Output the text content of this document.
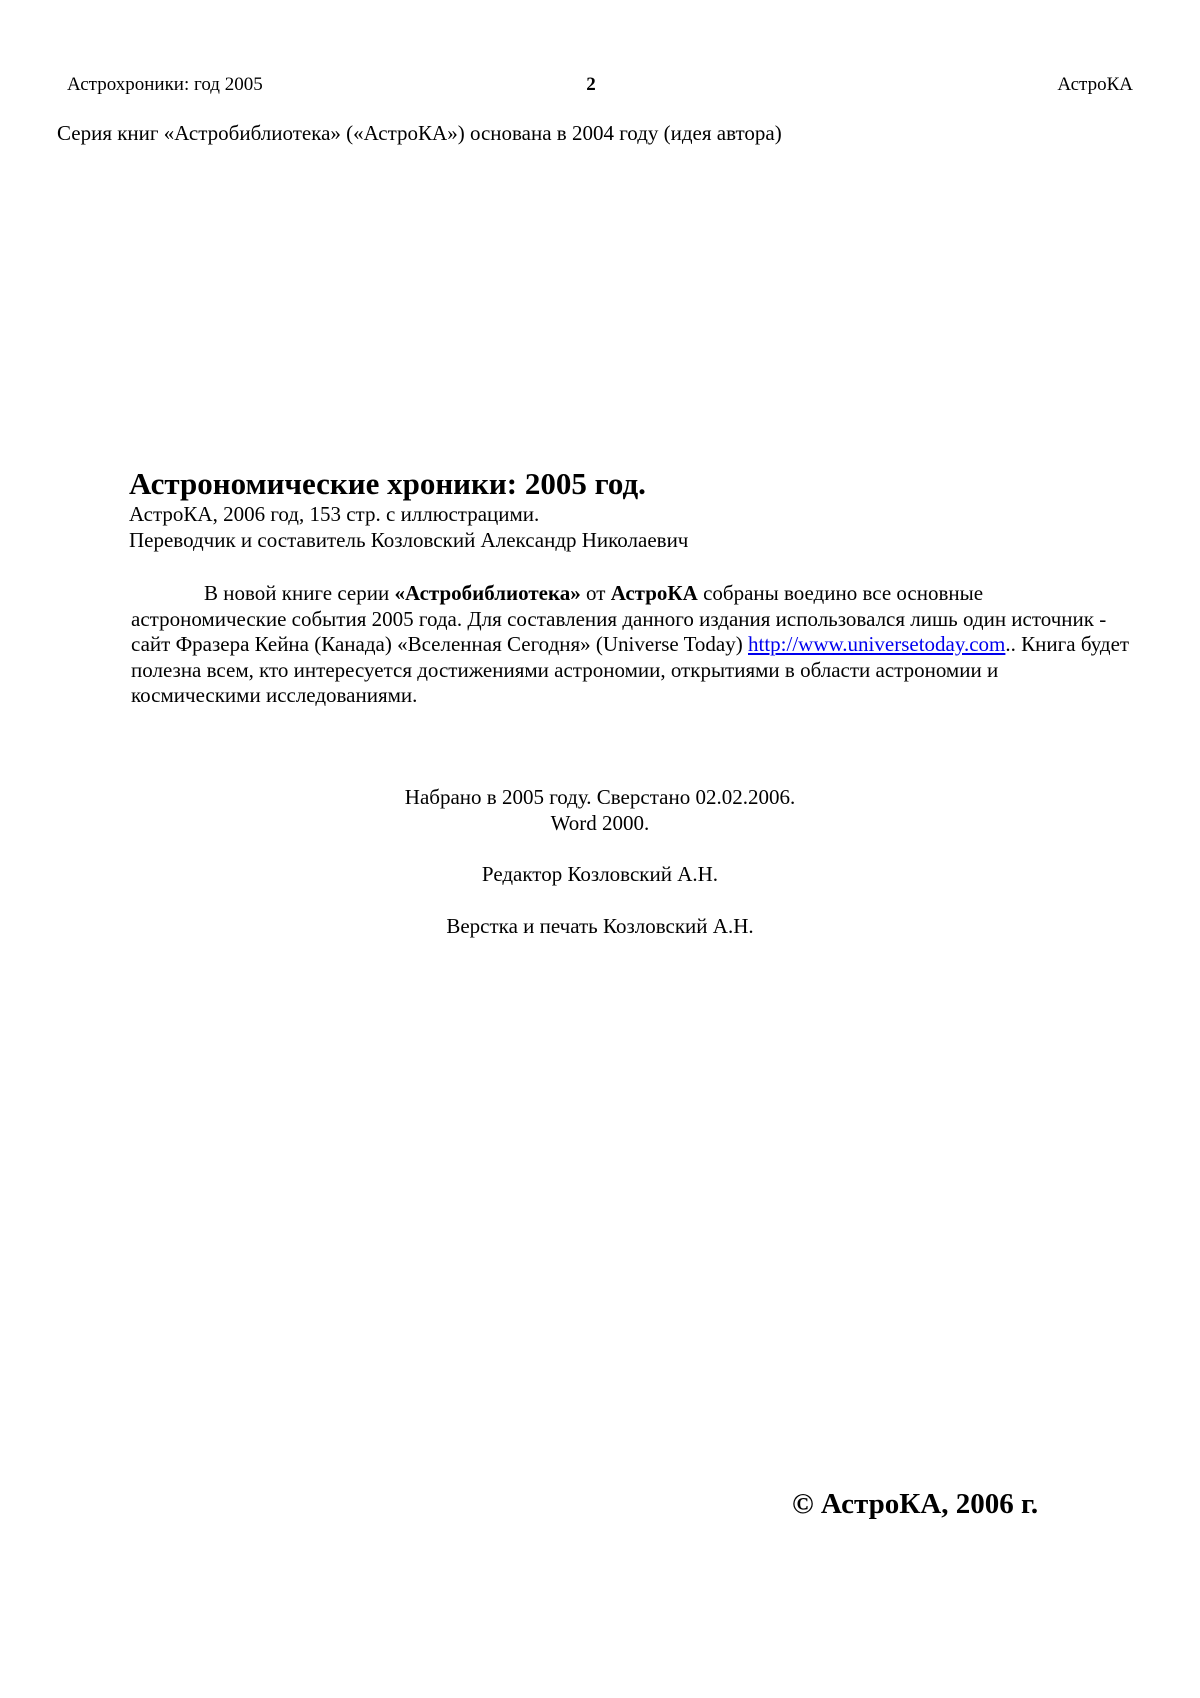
Астрохроники: год 2005	2	АстроКА
Серия книг «Астробиблиотека» («АстроКА») основана в 2004 году (идея автора)
Астрономические хроники: 2005 год.
АстроКА, 2006 год, 153 стр. с иллюстрацими.
Переводчик и составитель Козловский Александр Николаевич
В новой книге серии «Астробиблиотека» от АстроКА собраны воедино все основные астрономические события 2005 года. Для составления данного издания использовался лишь один источник - сайт Фразера Кейна (Канада) «Вселенная Сегодня» (Universe Today) http://www.universetoday.com.. Книга будет полезна всем, кто интересуется достижениями астрономии, открытиями в области астрономии и космическими исследованиями.
Набрано в 2005 году. Сверстано 02.02.2006.
Word 2000.
Редактор Козловский А.Н.
Верстка и печать Козловский А.Н.
© АстроКА, 2006 г.
